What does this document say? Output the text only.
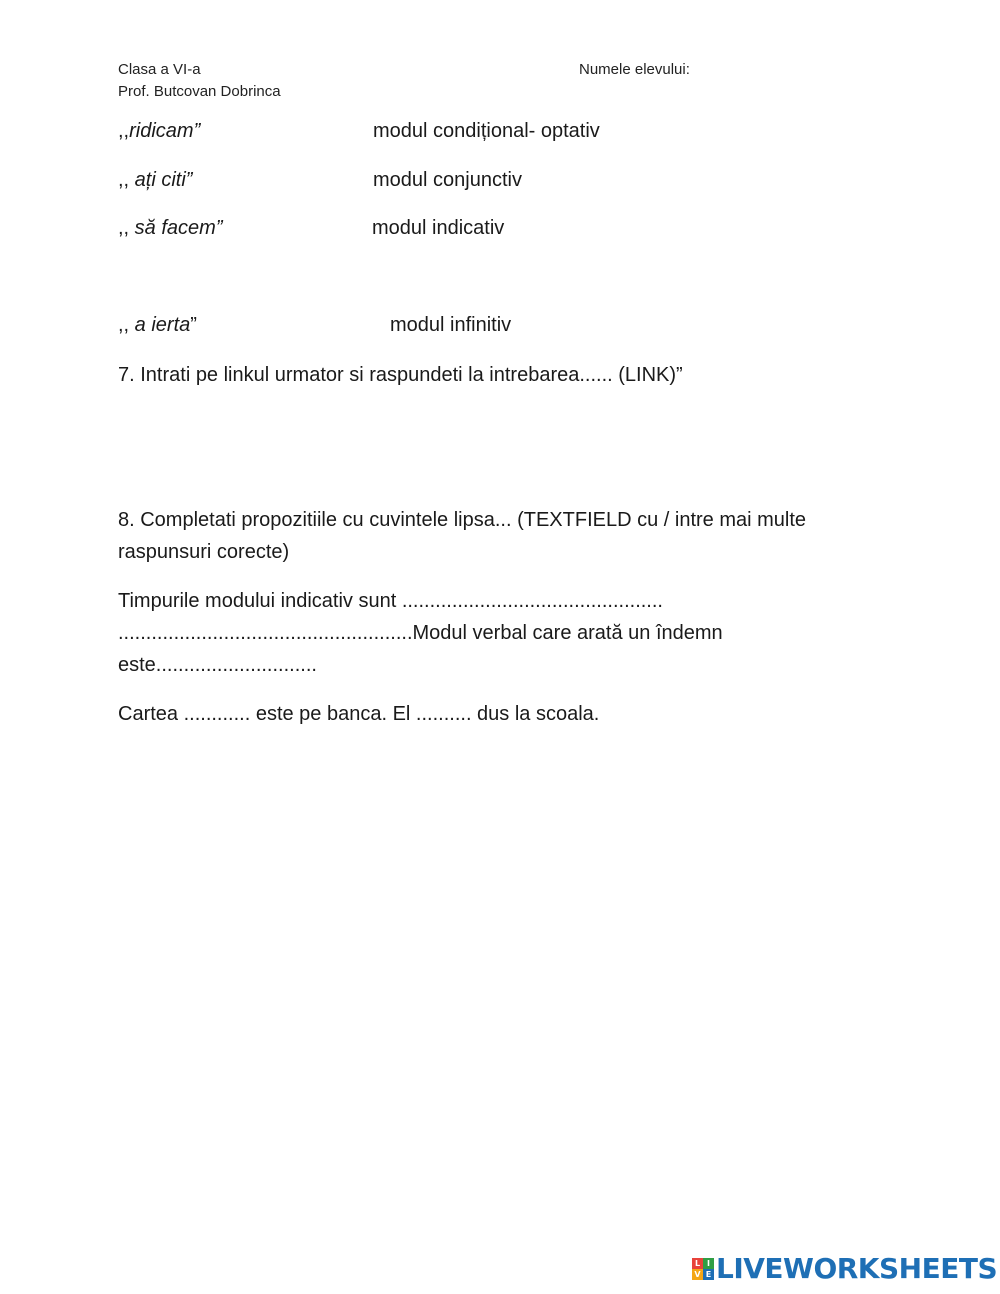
Clasa a VI-a
Prof. Butcovan Dobrinca
Numele elevului:
,,ridicam”	modul condițional- optativ
,, ați citi”	modul conjunctiv
,, să facem”	modul indicativ
,, a ierta”	modul infinitiv
7. Intrati pe linkul urmator si raspundeti la intrebarea...... (LINK)”
8. Completati propozitiile cu cuvintele lipsa... (TEXTFIELD cu / intre mai multe raspunsuri corecte)
Timpurile modului indicativ sunt ............................................... .....................................................Modul verbal care arată un îndemn este.............................
Cartea ............ este pe banca. El .......... dus la scoala.
L I
V E LIVEWORKSHEETS
